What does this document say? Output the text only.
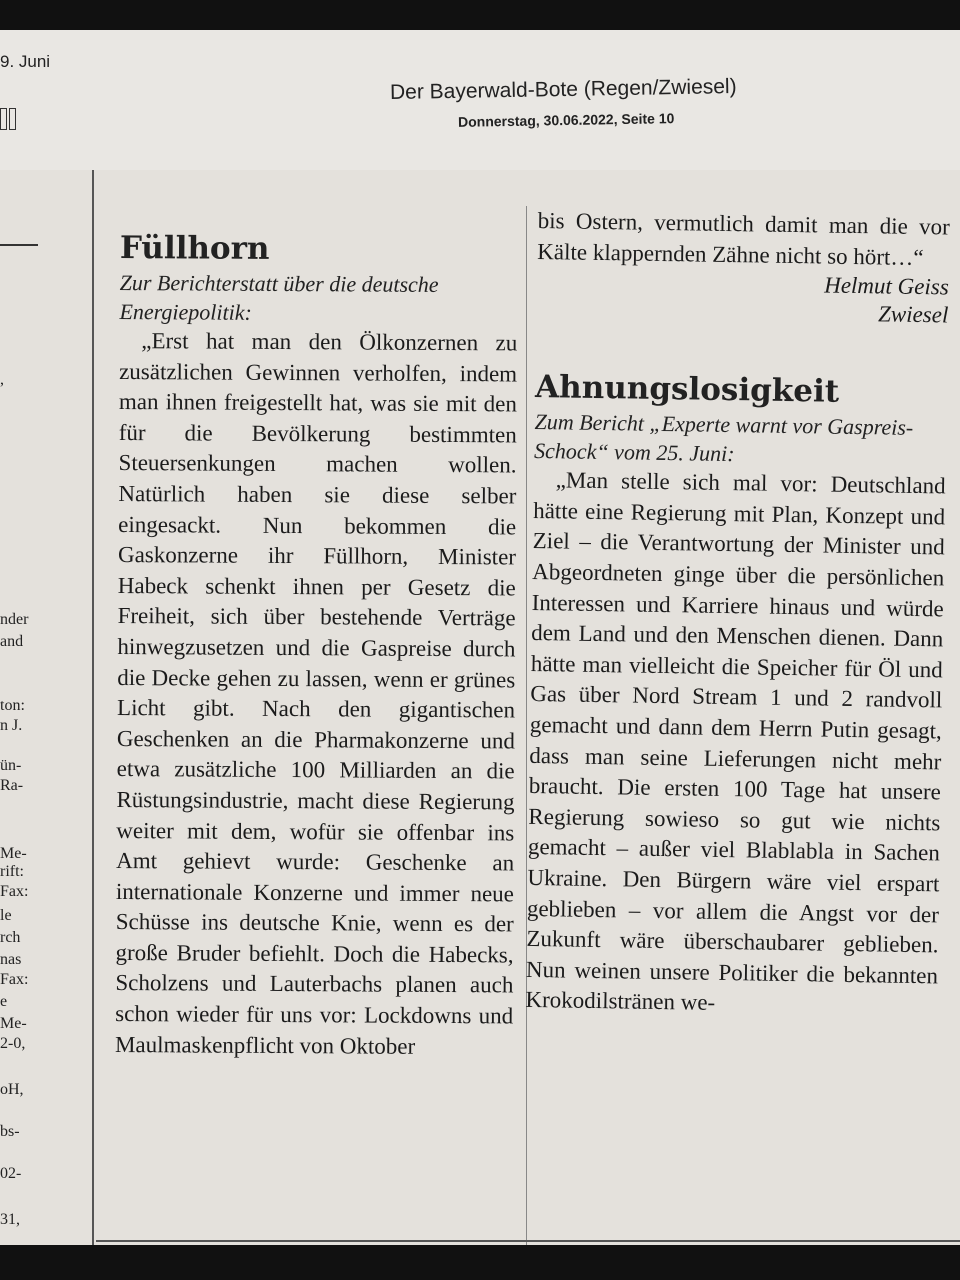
9. Juni
Der Bayerwald-Bote (Regen/Zwiesel)
Donnerstag, 30.06.2022, Seite 10
,
nder
and
ton:
n J.
ün-
Ra-
Me-
rift:
Fax:
le
rch
nas
Fax:
e
Me-
2-0,
oH,
bs-
02-
31,
Füllhorn

Zur Berichterstatt über die deutsche Energiepolitik:

„Erst hat man den Ölkonzernen zu zusätzlichen Gewinnen verholfen, indem man ihnen freigestellt hat, was sie mit den für die Bevölkerung bestimmten Steuersenkungen machen wollen. Natürlich haben sie diese selber eingesackt. Nun bekommen die Gaskonzerne ihr Füllhorn, Minister Habeck schenkt ihnen per Gesetz die Freiheit, sich über bestehende Verträge hinwegzusetzen und die Gaspreise durch die Decke gehen zu lassen, wenn er grünes Licht gibt. Nach den gigantischen Geschenken an die Pharmakonzerne und etwa zusätzliche 100 Milliarden an die Rüstungsindustrie, macht diese Regierung weiter mit dem, wofür sie offenbar ins Amt gehievt wurde: Geschenke an internationale Konzerne und immer neue Schüsse ins deutsche Knie, wenn es der große Bruder befiehlt. Doch die Habecks, Scholzens und Lauterbachs planen auch schon wieder für uns vor: Lockdowns und Maulmaskenpflicht von Oktober

bis Ostern, vermutlich damit man die vor Kälte klappernden Zähne nicht so hört…“

Helmut Geiss

Zwiesel

Ahnungslosigkeit

Zum Bericht „Experte warnt vor Gaspreis-Schock“ vom 25. Juni:

„Man stelle sich mal vor: Deutschland hätte eine Regierung mit Plan, Konzept und Ziel – die Verantwortung der Minister und Abgeordneten ginge über die persönlichen Interessen und Karriere hinaus und würde dem Land und den Menschen dienen. Dann hätte man vielleicht die Speicher für Öl und Gas über Nord Stream 1 und 2 randvoll gemacht und dann dem Herrn Putin gesagt, dass man seine Lieferungen nicht mehr braucht. Die ersten 100 Tage hat unsere Regierung sowieso so gut wie nichts gemacht – außer viel Blablabla in Sachen Ukraine. Den Bürgern wäre viel erspart geblieben – vor allem die Angst vor der Zukunft wäre überschaubarer geblieben. Nun weinen unsere Politiker die bekannten Krokodilstränen we-
